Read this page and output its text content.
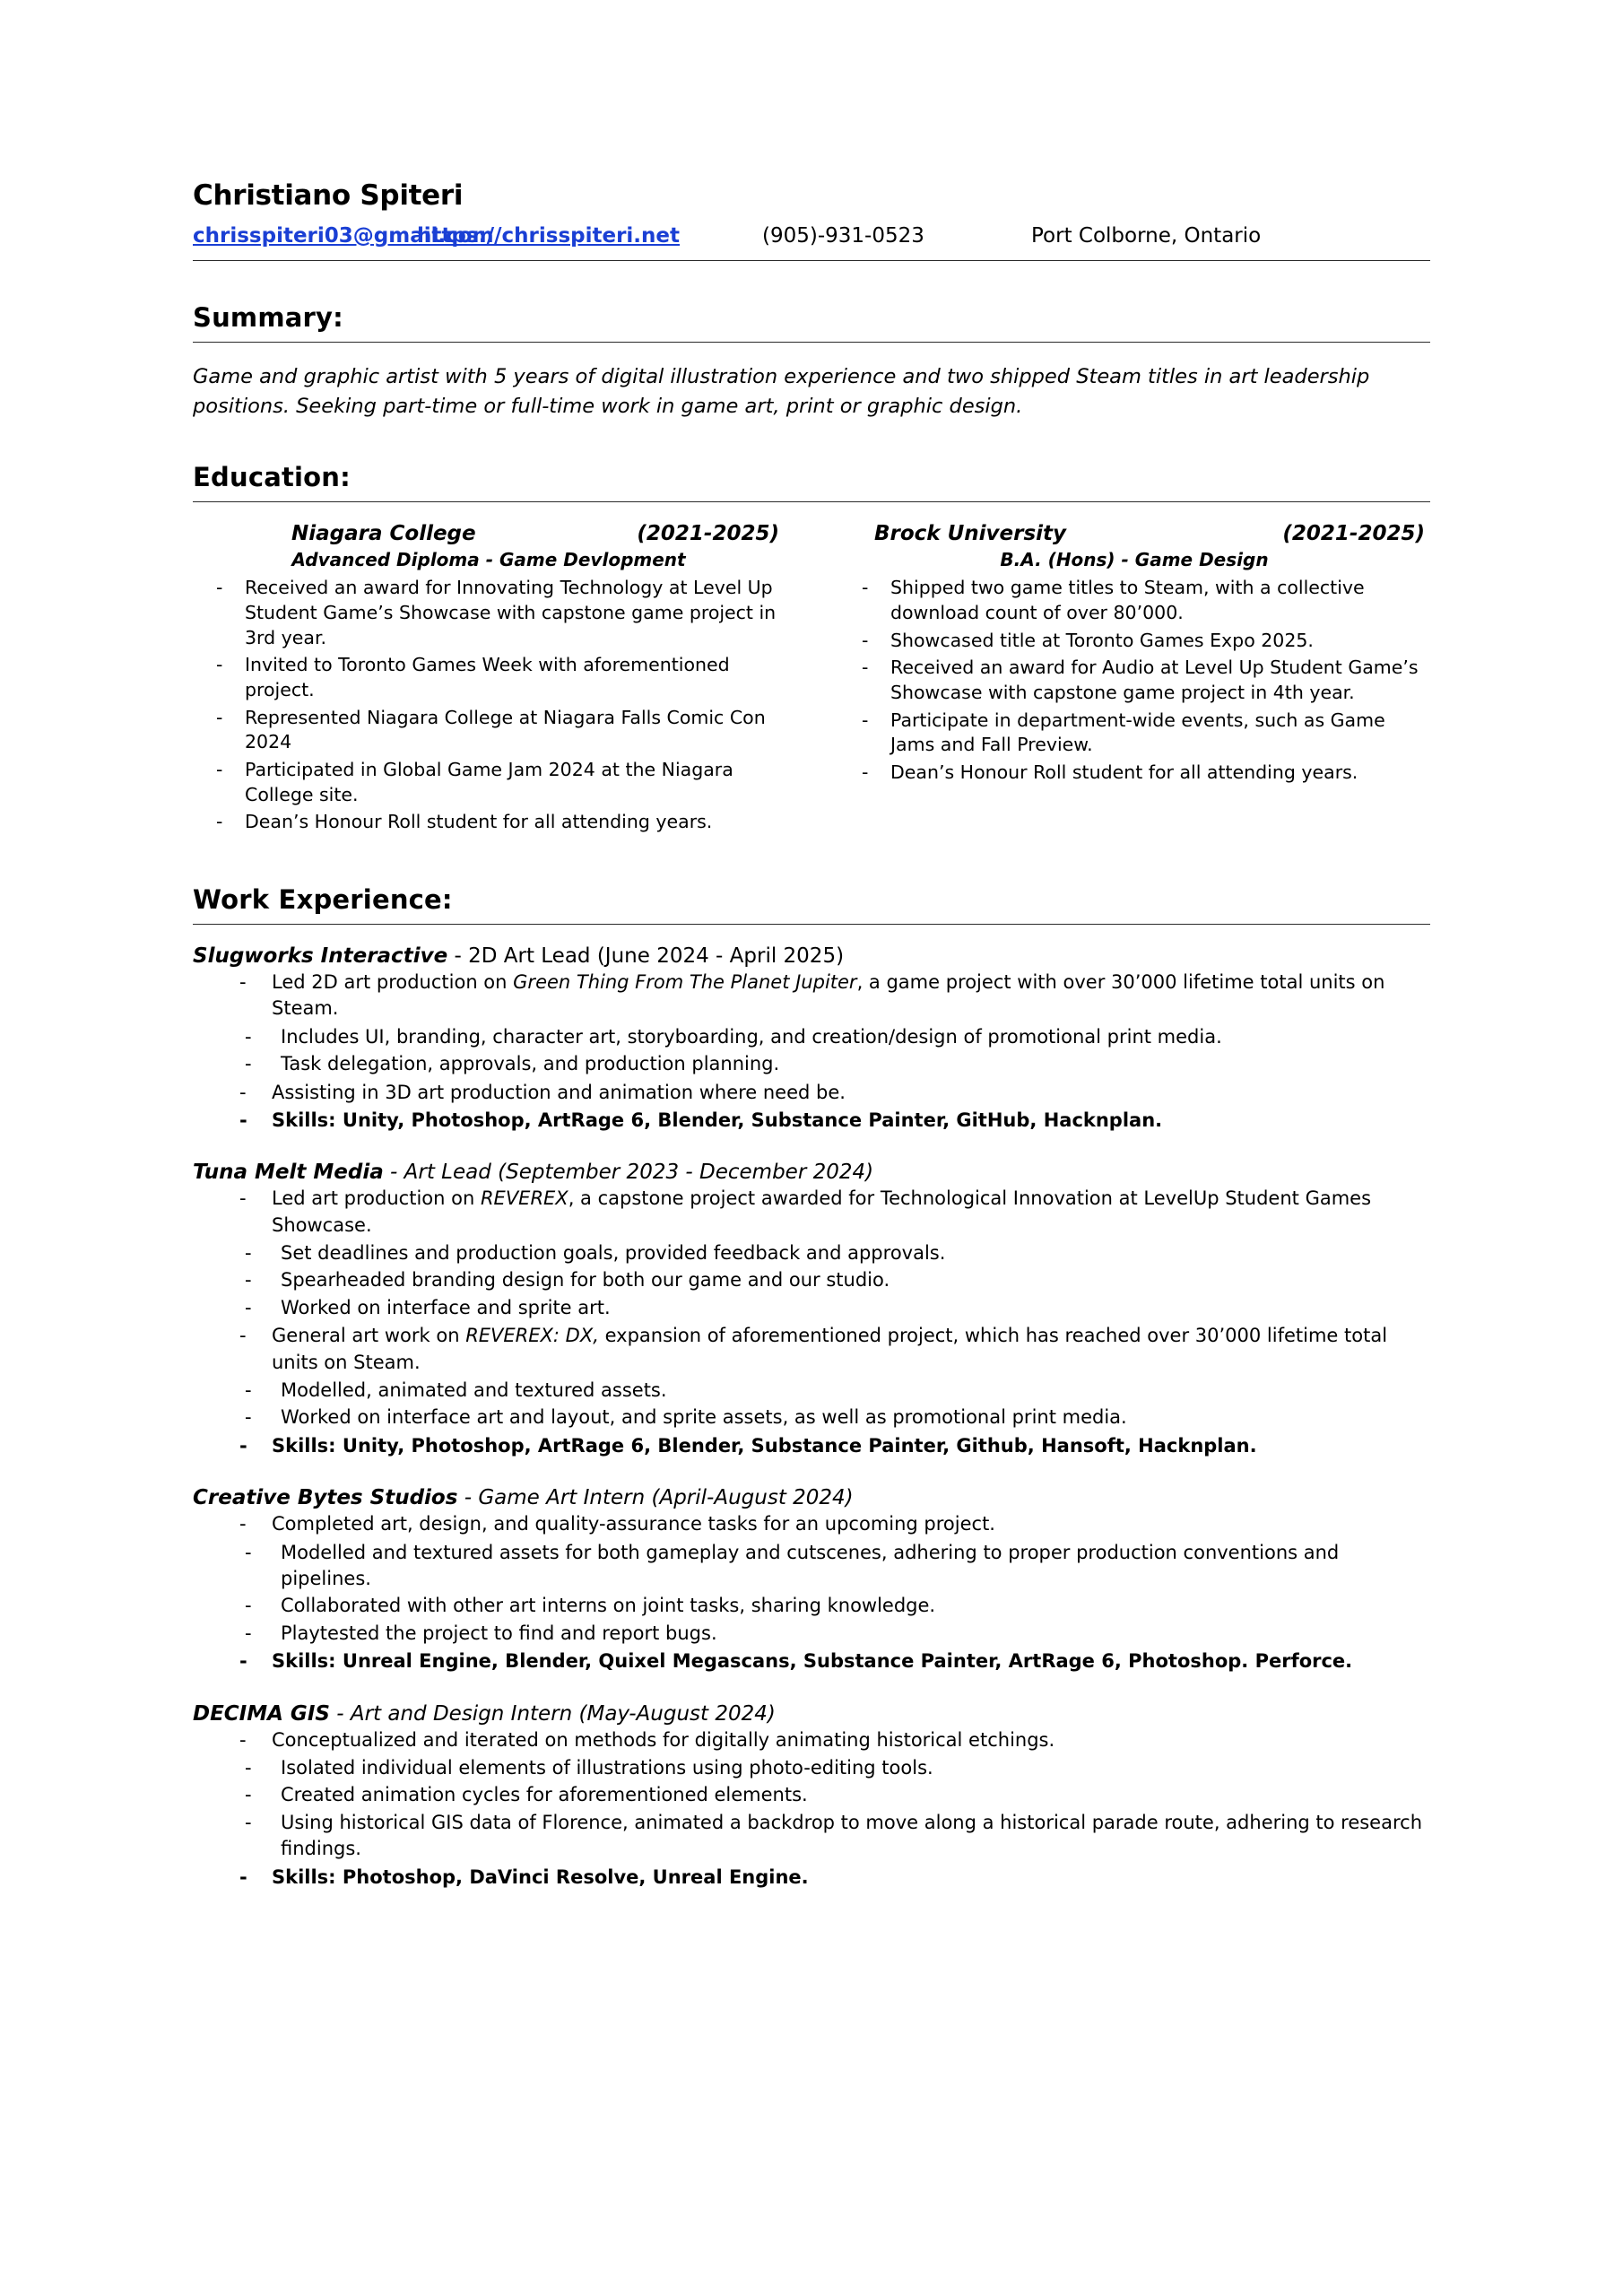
Christiano Spiteri
chrisspiteri03@gmail.com
https://chrisspiteri.net	(905)-931-0523	Port Colborne, Ontario
Summary:

Game and graphic artist with 5 years of digital illustration experience and two shipped Steam titles in art leadership positions. Seeking part-time or full-time work in game art, print or graphic design.

Education:
Niagara College	(2021-2025)
Advanced Diploma - Game Devlopment
- Received an award for Innovating Technology at Level Up Student Game’s Showcase with capstone game project in 3rd year.
- Invited to Toronto Games Week with aforementioned project.
- Represented Niagara College at Niagara Falls Comic Con 2024
- Participated in Global Game Jam 2024 at the Niagara College site.
- Dean’s Honour Roll student for all attending years.
Brock University	(2021-2025)
B.A. (Hons) - Game Design
- Shipped two game titles to Steam, with a collective download count of over 80’000.
- Showcased title at Toronto Games Expo 2025.
- Received an award for Audio at Level Up Student Game’s Showcase with capstone game project in 4th year.
- Participate in department-wide events, such as Game Jams and Fall Preview.
- Dean’s Honour Roll student for all attending years.
Work Experience:
Slugworks Interactive - 2D Art Lead (June 2024 - April 2025)
- Led 2D art production on Green Thing From The Planet Jupiter, a game project with over 30’000 lifetime total units on Steam.
- Includes UI, branding, character art, storyboarding, and creation/design of promotional print media.
- Task delegation, approvals, and production planning.
- Assisting in 3D art production and animation where need be.
- Skills: Unity, Photoshop, ArtRage 6, Blender, Substance Painter, GitHub, Hacknplan.
Tuna Melt Media - Art Lead (September 2023 - December 2024)
- Led art production on REVEREX, a capstone project awarded for Technological Innovation at LevelUp Student Games Showcase.
- Set deadlines and production goals, provided feedback and approvals.
- Spearheaded branding design for both our game and our studio.
- Worked on interface and sprite art.
- General art work on REVEREX: DX, expansion of aforementioned project, which has reached over 30’000 lifetime total units on Steam.
- Modelled, animated and textured assets.
- Worked on interface art and layout, and sprite assets, as well as promotional print media.
- Skills: Unity, Photoshop, ArtRage 6, Blender, Substance Painter, Github, Hansoft, Hacknplan.
Creative Bytes Studios - Game Art Intern (April-August 2024)
- Completed art, design, and quality-assurance tasks for an upcoming project.
- Modelled and textured assets for both gameplay and cutscenes, adhering to proper production conventions and pipelines.
- Collaborated with other art interns on joint tasks, sharing knowledge.
- Playtested the project to find and report bugs.
- Skills: Unreal Engine, Blender, Quixel Megascans, Substance Painter, ArtRage 6, Photoshop. Perforce.
DECIMA GIS - Art and Design Intern (May-August 2024)
- Conceptualized and iterated on methods for digitally animating historical etchings.
- Isolated individual elements of illustrations using photo-editing tools.
- Created animation cycles for aforementioned elements.
- Using historical GIS data of Florence, animated a backdrop to move along a historical parade route, adhering to research findings.
- Skills: Photoshop, DaVinci Resolve, Unreal Engine.
